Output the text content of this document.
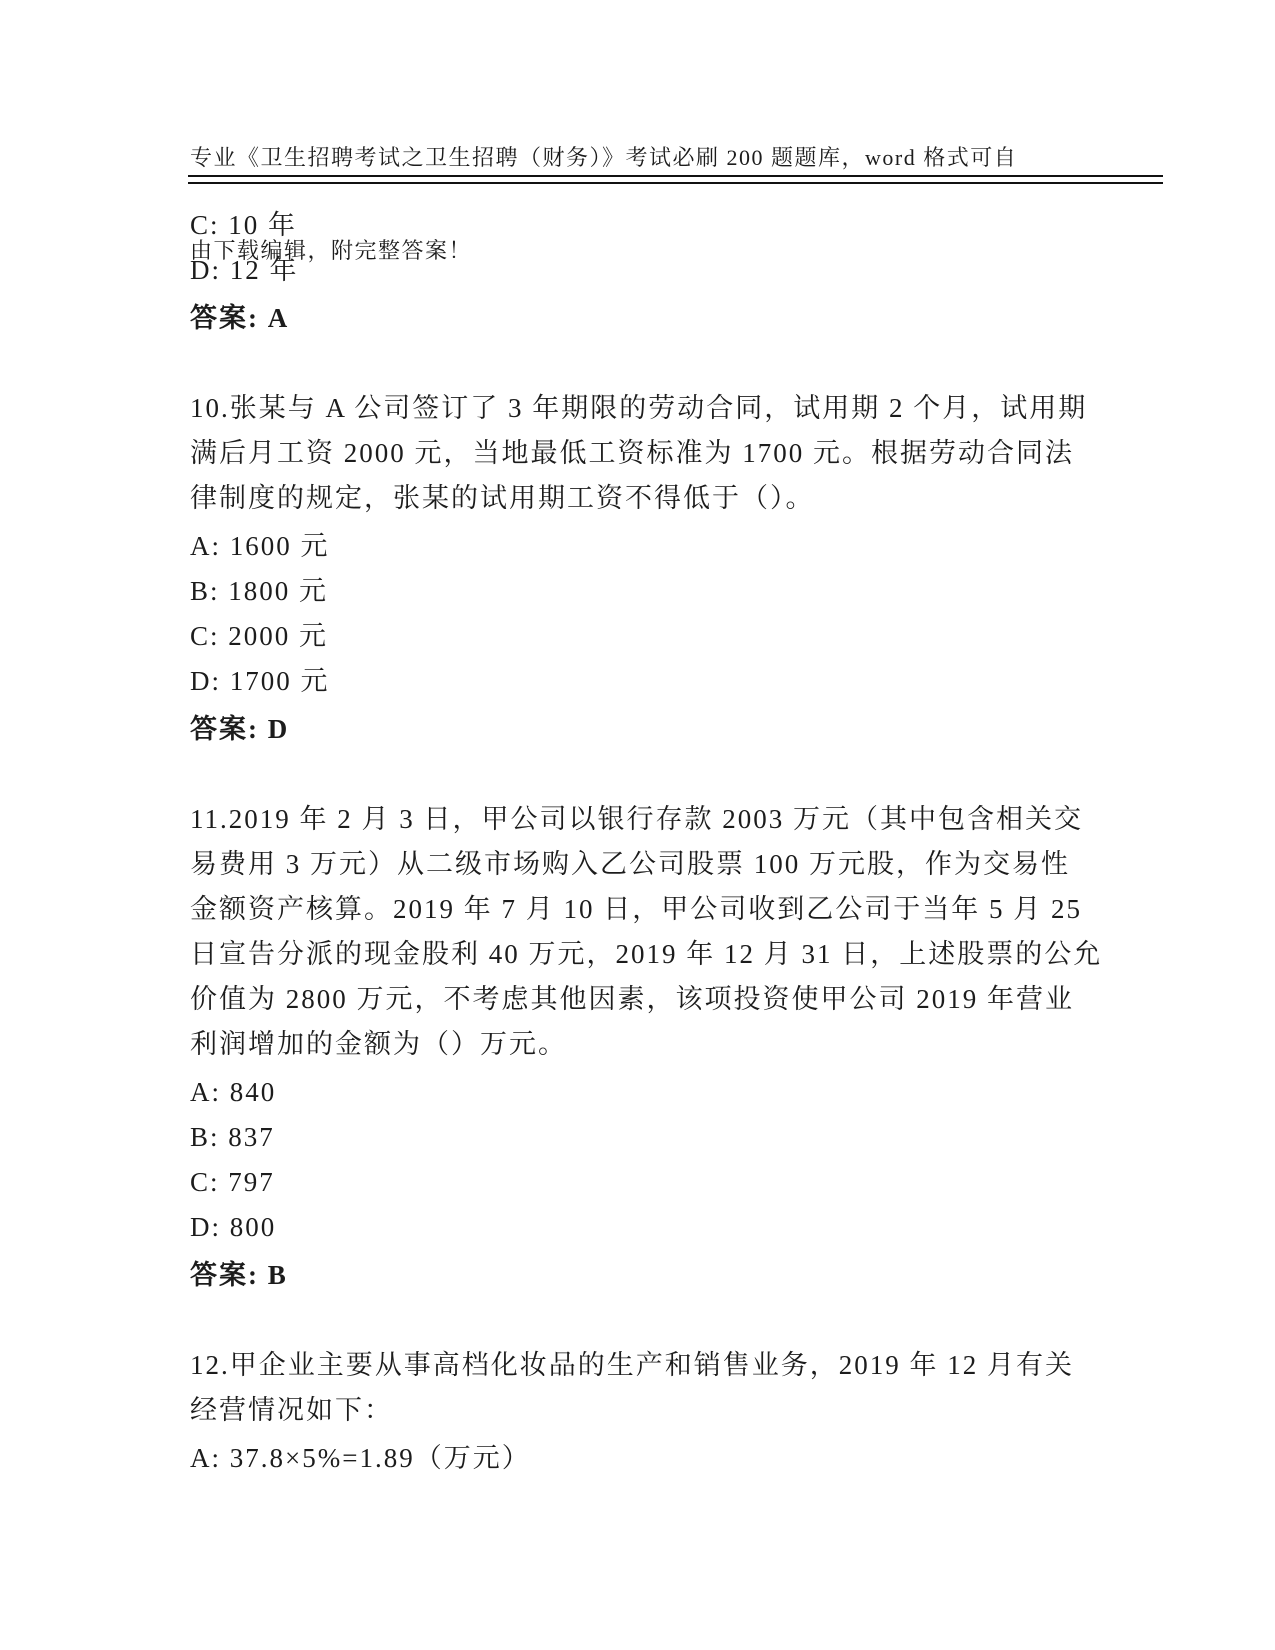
专业《卫生招聘考试之卫生招聘（财务）》考试必刷 200 题题库，word 格式可自

由下载编辑，附完整答案！

C: 10 年
D: 12 年
答案: A
10.张某与 A 公司签订了 3 年期限的劳动合同，试用期 2 个月，试用期
满后月工资 2000 元，当地最低工资标准为 1700 元。根据劳动合同法
律制度的规定，张某的试用期工资不得低于（）。
A: 1600 元
B: 1800 元
C: 2000 元
D: 1700 元
答案: D
11.2019 年 2 月 3 日，甲公司以银行存款 2003 万元（其中包含相关交
易费用 3 万元）从二级市场购入乙公司股票 100 万元股，作为交易性
金额资产核算。2019 年 7 月 10 日，甲公司收到乙公司于当年 5 月 25
日宣告分派的现金股利 40 万元，2019 年 12 月 31 日，上述股票的公允
价值为 2800 万元，不考虑其他因素，该项投资使甲公司 2019 年营业
利润增加的金额为（）万元。
A: 840
B: 837
C: 797
D: 800
答案: B
12.甲企业主要从事高档化妆品的生产和销售业务，2019 年 12 月有关
经营情况如下：
A: 37.8×5%=1.89（万元）
